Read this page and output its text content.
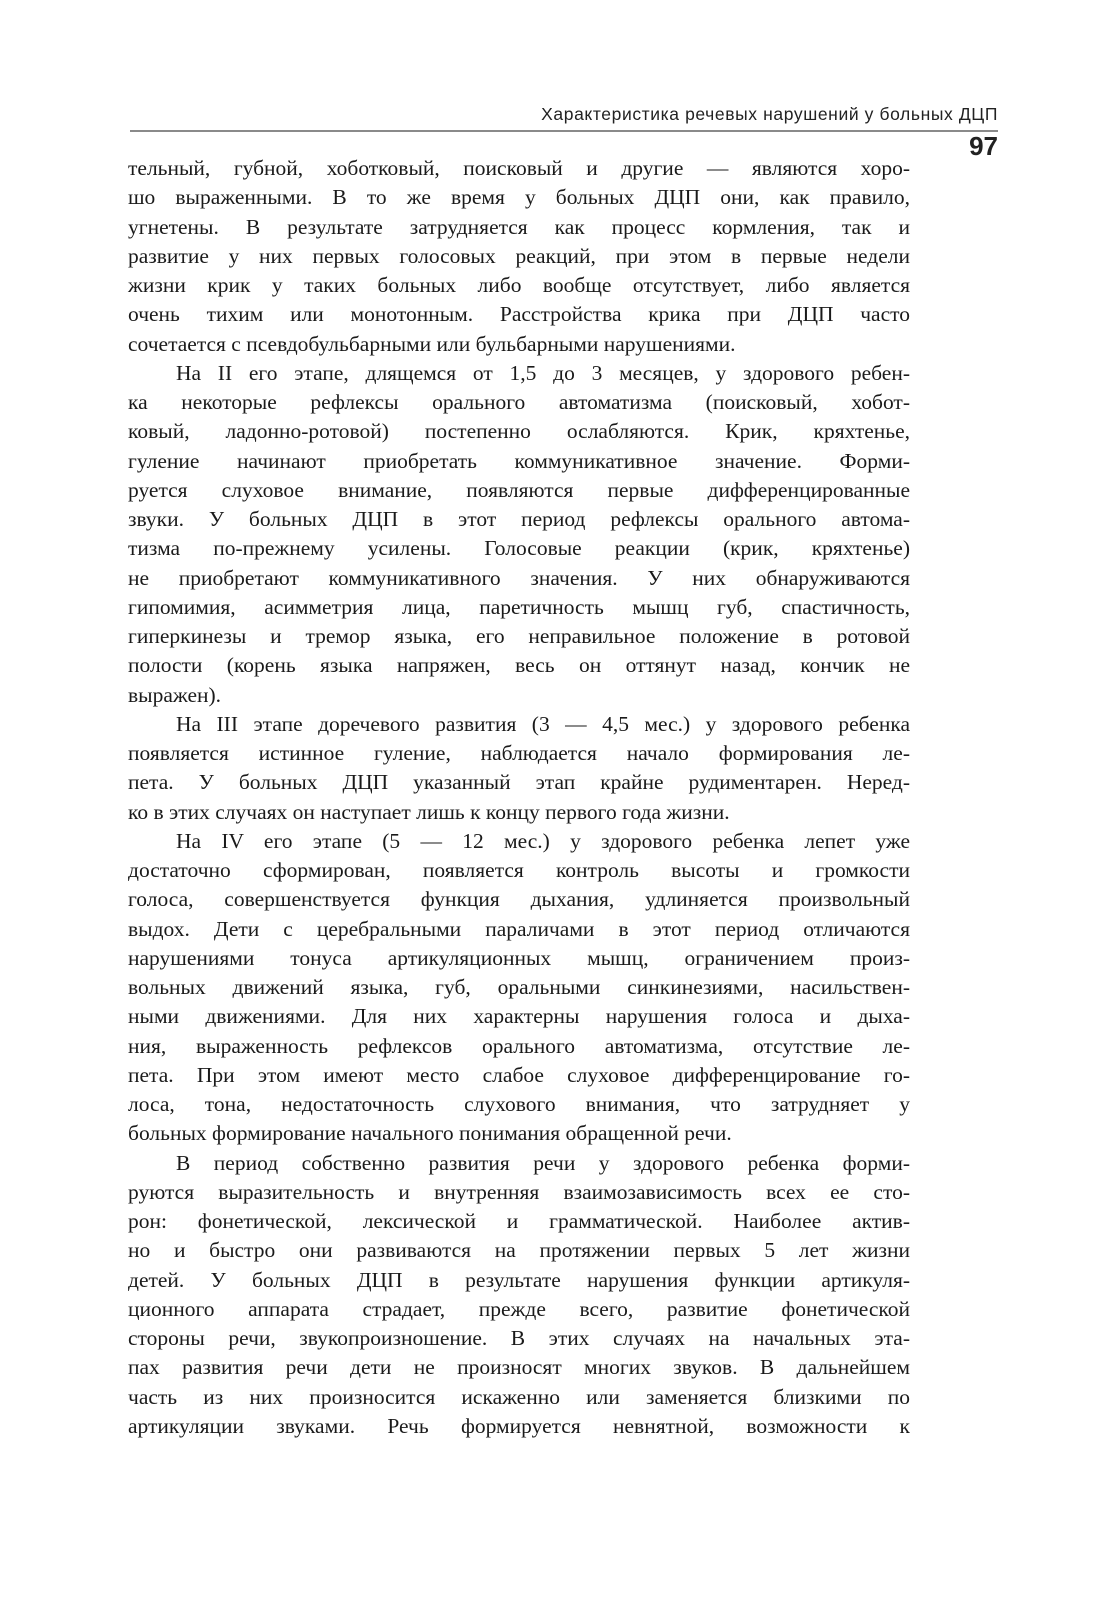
Характеристика речевых нарушений у больных ДЦП
97
тельный, губной, хоботковый, поисковый и другие — являются хоро-
шо выраженными. В то же время у больных ДЦП они, как правило,
угнетены. В результате затрудняется как процесс кормления, так и
развитие у них первых голосовых реакций, при этом в первые недели
жизни крик у таких больных либо вообще отсутствует, либо является
очень тихим или монотонным. Расстройства крика при ДЦП часто
сочетается с псевдобульбарными или бульбарными нарушениями.
На II его этапе, длящемся от 1,5 до 3 месяцев, у здорового ребен-
ка некоторые рефлексы орального автоматизма (поисковый, хобот-
ковый, ладонно-ротовой) постепенно ослабляются. Крик, кряхтенье,
гуление начинают приобретать коммуникативное значение. Форми-
руется слуховое внимание, появляются первые дифференцированные
звуки. У больных ДЦП в этот период рефлексы орального автома-
тизма по-прежнему усилены. Голосовые реакции (крик, кряхтенье)
не приобретают коммуникативного значения. У них обнаруживаются
гипомимия, асимметрия лица, паретичность мышц губ, спастичность,
гиперкинезы и тремор языка, его неправильное положение в ротовой
полости (корень языка напряжен, весь он оттянут назад, кончик не
выражен).
На III этапе доречевого развития (3 — 4,5 мес.) у здорового ребенка
появляется истинное гуление, наблюдается начало формирования ле-
пета. У больных ДЦП указанный этап крайне рудиментарен. Неред-
ко в этих случаях он наступает лишь к концу первого года жизни.
На IV его этапе (5 — 12 мес.) у здорового ребенка лепет уже
достаточно сформирован, появляется контроль высоты и громкости
голоса, совершенствуется функция дыхания, удлиняется произвольный
выдох. Дети с церебральными параличами в этот период отличаются
нарушениями тонуса артикуляционных мышц, ограничением произ-
вольных движений языка, губ, оральными синкинезиями, насильствен-
ными движениями. Для них характерны нарушения голоса и дыха-
ния, выраженность рефлексов орального автоматизма, отсутствие ле-
пета. При этом имеют место слабое слуховое дифференцирование го-
лоса, тона, недостаточность слухового внимания, что затрудняет у
больных формирование начального понимания обращенной речи.
В период собственно развития речи у здорового ребенка форми-
руются выразительность и внутренняя взаимозависимость всех ее сто-
рон: фонетической, лексической и грамматической. Наиболее актив-
но и быстро они развиваются на протяжении первых 5 лет жизни
детей. У больных ДЦП в результате нарушения функции артикуля-
ционного аппарата страдает, прежде всего, развитие фонетической
стороны речи, звукопроизношение. В этих случаях на начальных эта-
пах развития речи дети не произносят многих звуков. В дальнейшем
часть из них произносится искаженно или заменяется близкими по
артикуляции звуками. Речь формируется невнятной, возможности к
